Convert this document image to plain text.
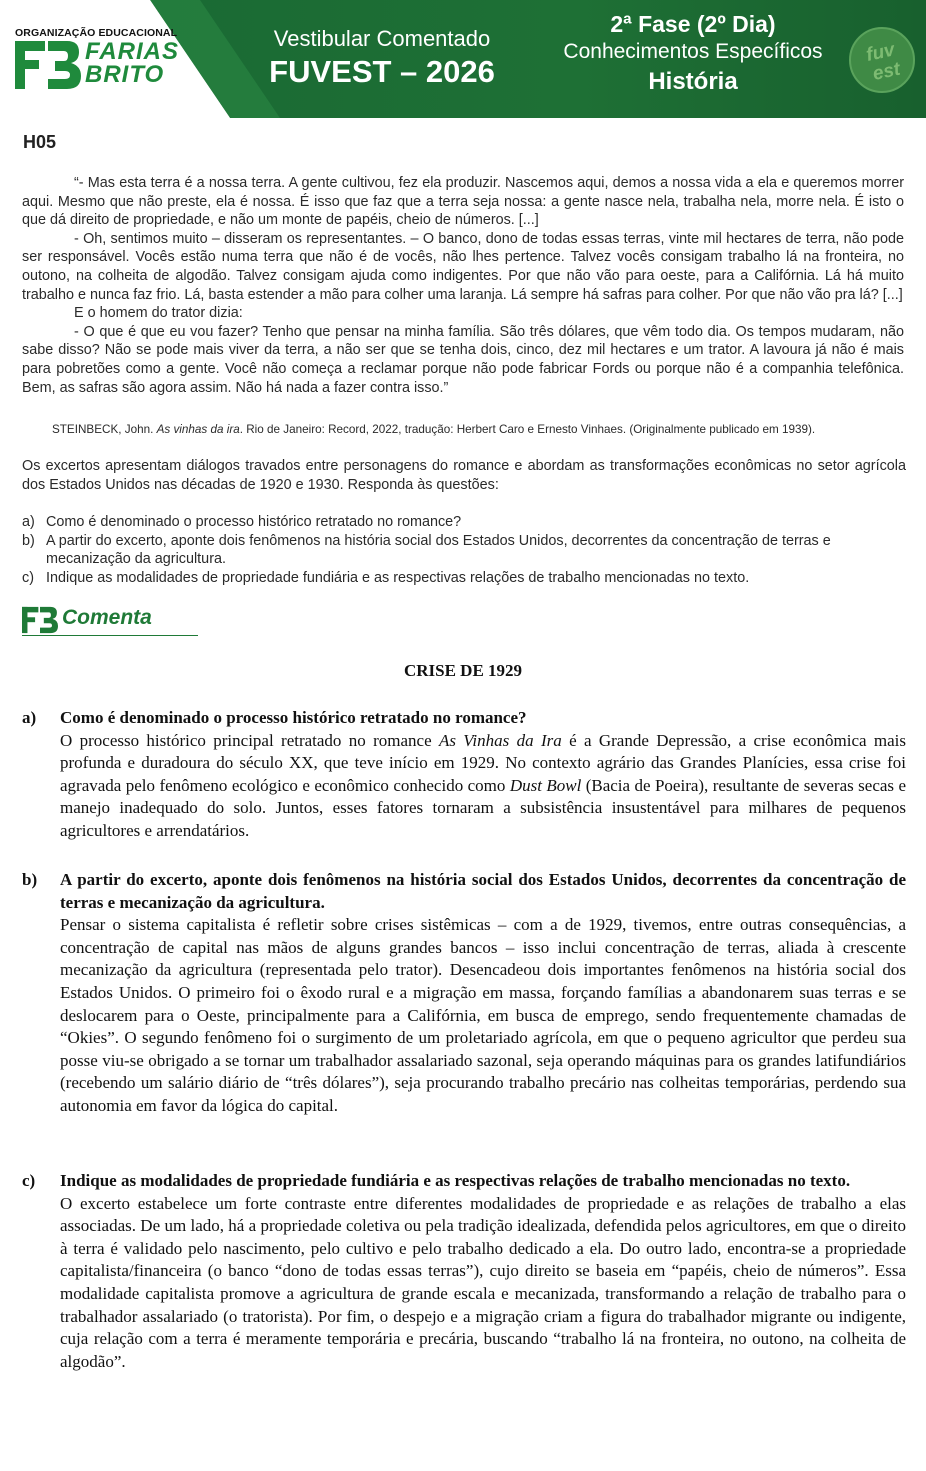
ORGANIZAÇÃO EDUCACIONAL
FARIAS
BRITO
Vestibular Comentado
FUVEST – 2026
2ª Fase (2º Dia)
Conhecimentos Específicos
História
fuv
est
H05

“- Mas esta terra é a nossa terra. A gente cultivou, fez ela produzir. Nascemos aqui, demos a nossa vida a ela e queremos morrer aqui. Mesmo que não preste, ela é nossa. É isso que faz que a terra seja nossa: a gente nasce nela, trabalha nela, morre nela. É isto o que dá direito de propriedade, e não um monte de papéis, cheio de números. [...]

- Oh, sentimos muito – disseram os representantes. – O banco, dono de todas essas terras, vinte mil hectares de terra, não pode ser responsável. Vocês estão numa terra que não é de vocês, não lhes pertence. Talvez vocês consigam trabalho lá na fronteira, no outono, na colheita de algodão. Talvez consigam ajuda como indigentes. Por que não vão para oeste, para a Califórnia. Lá há muito trabalho e nunca faz frio. Lá, basta estender a mão para colher uma laranja. Lá sempre há safras para colher. Por que não vão pra lá? [...]

E o homem do trator dizia:

- O que é que eu vou fazer? Tenho que pensar na minha família. São três dólares, que vêm todo dia. Os tempos mudaram, não sabe disso? Não se pode mais viver da terra, a não ser que se tenha dois, cinco, dez mil hectares e um trator. A lavoura já não é mais para pobretões como a gente. Você não começa a reclamar porque não pode fabricar Fords ou porque não é a companhia telefônica. Bem, as safras são agora assim. Não há nada a fazer contra isso.”

STEINBECK, John. As vinhas da ira. Rio de Janeiro: Record, 2022, tradução: Herbert Caro e Ernesto Vinhaes. (Originalmente publicado em 1939).
Os excertos apresentam diálogos travados entre personagens do romance e abordam as transformações econômicas no setor agrícola dos Estados Unidos nas décadas de 1920 e 1930. Responda às questões:
a) Como é denominado o processo histórico retratado no romance?
b) A partir do excerto, aponte dois fenômenos na história social dos Estados Unidos, decorrentes da concentração de terras e mecanização da agricultura.
c) Indique as modalidades de propriedade fundiária e as respectivas relações de trabalho mencionadas no texto.
Comenta
CRISE DE 1929
a) Como é denominado o processo histórico retratado no romance?
O processo histórico principal retratado no romance As Vinhas da Ira é a Grande Depressão, a crise econômica mais profunda e duradoura do século XX, que teve início em 1929. No contexto agrário das Grandes Planícies, essa crise foi agravada pelo fenômeno ecológico e econômico conhecido como Dust Bowl (Bacia de Poeira), resultante de severas secas e manejo inadequado do solo. Juntos, esses fatores tornaram a subsistência insustentável para milhares de pequenos agricultores e arrendatários.
b) A partir do excerto, aponte dois fenômenos na história social dos Estados Unidos, decorrentes da concentração de terras e mecanização da agricultura.
Pensar o sistema capitalista é refletir sobre crises sistêmicas – com a de 1929, tivemos, entre outras consequências, a concentração de capital nas mãos de alguns grandes bancos – isso inclui concentração de terras, aliada à crescente mecanização da agricultura (representada pelo trator). Desencadeou dois importantes fenômenos na história social dos Estados Unidos. O primeiro foi o êxodo rural e a migração em massa, forçando famílias a abandonarem suas terras e se deslocarem para o Oeste, principalmente para a Califórnia, em busca de emprego, sendo frequentemente chamadas de “Okies”. O segundo fenômeno foi o surgimento de um proletariado agrícola, em que o pequeno agricultor que perdeu sua posse viu-se obrigado a se tornar um trabalhador assalariado sazonal, seja operando máquinas para os grandes latifundiários (recebendo um salário diário de “três dólares”), seja procurando trabalho precário nas colheitas temporárias, perdendo sua autonomia em favor da lógica do capital.
c) Indique as modalidades de propriedade fundiária e as respectivas relações de trabalho mencionadas no texto.
O excerto estabelece um forte contraste entre diferentes modalidades de propriedade e as relações de trabalho a elas associadas. De um lado, há a propriedade coletiva ou pela tradição idealizada, defendida pelos agricultores, em que o direito à terra é validado pelo nascimento, pelo cultivo e pelo trabalho dedicado a ela. Do outro lado, encontra-se a propriedade capitalista/financeira (o banco “dono de todas essas terras”), cujo direito se baseia em “papéis, cheio de números”. Essa modalidade capitalista promove a agricultura de grande escala e mecanizada, transformando a relação de trabalho para o trabalhador assalariado (o tratorista). Por fim, o despejo e a migração criam a figura do trabalhador migrante ou indigente, cuja relação com a terra é meramente temporária e precária, buscando “trabalho lá na fronteira, no outono, na colheita de algodão”.
